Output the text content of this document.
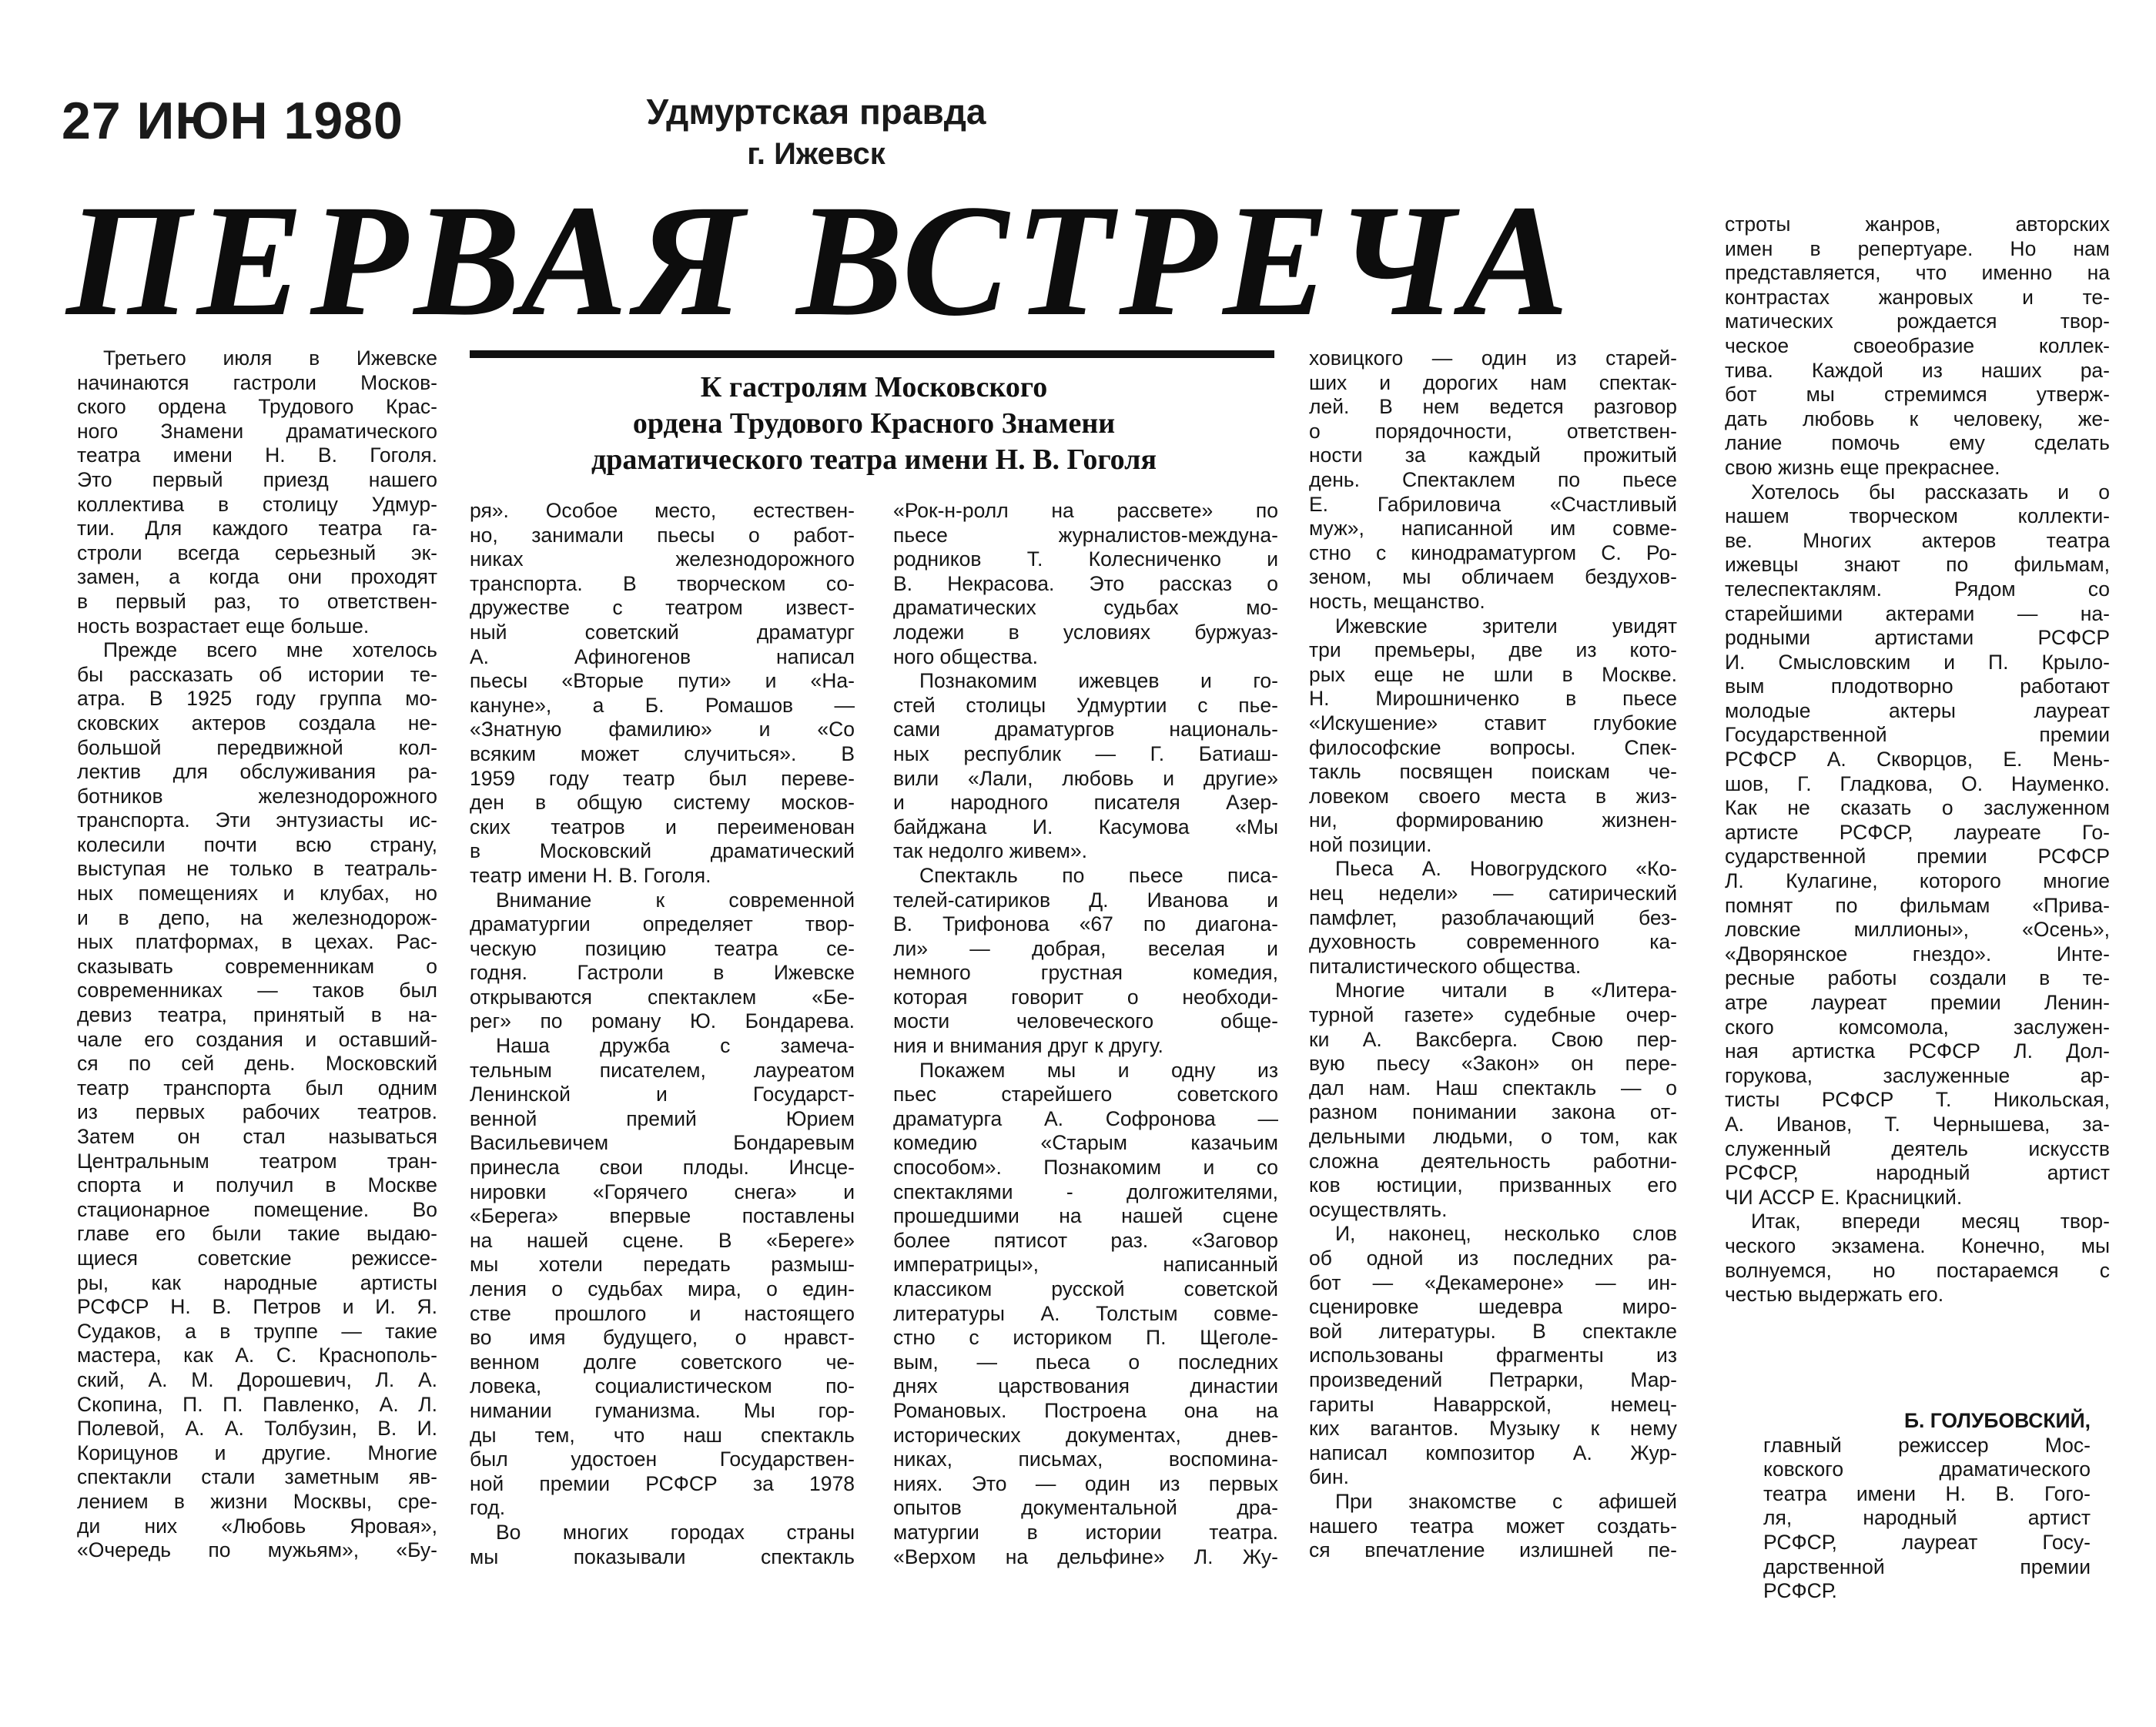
27 ИЮН 1980	Удмуртская правда
г. Ижевск
ПЕРВАЯ ВСТРЕЧА
К гастролям Московского
ордена Трудового Красного Знамени
драматического театра имени Н. В. Гоголя
Третьего июля в Ижевске
начинаются гастроли Москов-
ского ордена Трудового Крас-
ного Знамени драматического
театра имени Н. В. Гоголя.
Это первый приезд нашего
коллектива в столицу Удмур-
тии. Для каждого театра га-
строли всегда серьезный эк-
замен, а когда они проходят
в первый раз, то ответствен-
ность возрастает еще больше.
Прежде всего мне хотелось
бы рассказать об истории те-
атра. В 1925 году группа мо-
сковских актеров создала не-
большой передвижной кол-
лектив для обслуживания ра-
ботников железнодорожного
транспорта. Эти энтузиасты ис-
колесили почти всю страну,
выступая не только в театраль-
ных помещениях и клубах, но
и в депо, на железнодорож-
ных платформах, в цехах. Рас-
сказывать современникам о
современниках — таков был
девиз театра, принятый в на-
чале его создания и оставший-
ся по сей день. Московский
театр транспорта был одним
из первых рабочих театров.
Затем он стал называться
Центральным театром тран-
спорта и получил в Москве
стационарное помещение. Во
главе его были такие выдаю-
щиеся советские режиссе-
ры, как народные артисты
РСФСР Н. В. Петров и И. Я.
Судаков, а в труппе — такие
мастера, как А. С. Краснополь-
ский, А. М. Дорошевич, Л. А.
Скопина, П. П. Павленко, А. Л.
Полевой, А. А. Толбузин, В. И.
Корицунов и другие. Многие
спектакли стали заметным яв-
лением в жизни Москвы, сре-
ди них «Любовь Яровая»,
«Очередь по мужьям», «Бу-
ря». Особое место, естествен-
но, занимали пьесы о работ-
никах железнодорожного
транспорта. В творческом со-
дружестве с театром извест-
ный советский драматург
А. Афиногенов написал
пьесы «Вторые пути» и «На-
кануне», а Б. Ромашов —
«Знатную фамилию» и «Со
всяким может случиться». В
1959 году театр был переве-
ден в общую систему москов-
ских театров и переименован
в Московский драматический
театр имени Н. В. Гоголя.
Внимание к современной
драматургии определяет твор-
ческую позицию театра се-
годня. Гастроли в Ижевске
открываются спектаклем «Бе-
рег» по роману Ю. Бондарева.
Наша дружба с замеча-
тельным писателем, лауреатом
Ленинской и Государст-
венной премий Юрием
Васильевичем Бондаревым
принесла свои плоды. Инсце-
нировки «Горячего снега» и
«Берега» впервые поставлены
на нашей сцене. В «Береге»
мы хотели передать размыш-
ления о судьбах мира, о един-
стве прошлого и настоящего
во имя будущего, о нравст-
венном долге советского че-
ловека, социалистическом по-
нимании гуманизма. Мы гор-
ды тем, что наш спектакль
был удостоен Государствен-
ной премии РСФСР за 1978
год.
Во многих городах страны
мы показывали спектакль
«Рок-н-ролл на рассвете» по
пьесе журналистов-междуна-
родников Т. Колесниченко и
В. Некрасова. Это рассказ о
драматических судьбах мо-
лодежи в условиях буржуаз-
ного общества.
Познакомим ижевцев и го-
стей столицы Удмуртии с пье-
сами драматургов националь-
ных республик — Г. Батиаш-
вили «Лали, любовь и другие»
и народного писателя Азер-
байджана И. Касумова «Мы
так недолго живем».
Спектакль по пьесе писа-
телей-сатириков Д. Иванова и
В. Трифонова «67 по диагона-
ли» — добрая, веселая и
немного грустная комедия,
которая говорит о необходи-
мости человеческого обще-
ния и внимания друг к другу.
Покажем мы и одну из
пьес старейшего советского
драматурга А. Софронова —
комедию «Старым казачьим
способом». Познакомим и со
спектаклями - долгожителями,
прошедшими на нашей сцене
более пятисот раз. «Заговор
императрицы», написанный
классиком русской советской
литературы А. Толстым совме-
стно с историком П. Щеголе-
вым, — пьеса о последних
днях царствования династии
Романовых. Построена она на
исторических документах, днев-
никах, письмах, воспомина-
ниях. Это — один из первых
опытов документальной дра-
матургии в истории театра.
«Верхом на дельфине» Л. Жу-
ховицкого — один из старей-
ших и дорогих нам спектак-
лей. В нем ведется разговор
о порядочности, ответствен-
ности за каждый прожитый
день. Спектаклем по пьесе
Е. Габриловича «Счастливый
муж», написанной им совме-
стно с кинодраматургом С. Ро-
зеном, мы обличаем бездухов-
ность, мещанство.
Ижевские зрители увидят
три премьеры, две из кото-
рых еще не шли в Москве.
Н. Мирошниченко в пьесе
«Искушение» ставит глубокие
философские вопросы. Спек-
такль посвящен поискам че-
ловеком своего места в жиз-
ни, формированию жизнен-
ной позиции.
Пьеса А. Новогрудского «Ко-
нец недели» — сатирический
памфлет, разоблачающий без-
духовность современного ка-
питалистического общества.
Многие читали в «Литера-
турной газете» судебные очер-
ки А. Ваксберга. Свою пер-
вую пьесу «Закон» он пере-
дал нам. Наш спектакль — о
разном понимании закона от-
дельными людьми, о том, как
сложна деятельность работни-
ков юстиции, призванных его
осуществлять.
И, наконец, несколько слов
об одной из последних ра-
бот — «Декамероне» — ин-
сценировке шедевра миро-
вой литературы. В спектакле
использованы фрагменты из
произведений Петрарки, Мар-
гариты Наваррской, немец-
ких вагантов. Музыку к нему
написал композитор А. Жур-
бин.
При знакомстве с афишей
нашего театра может создать-
ся впечатление излишней пе-
строты жанров, авторских
имен в репертуаре. Но нам
представляется, что именно на
контрастах жанровых и те-
матических рождается твор-
ческое своеобразие коллек-
тива. Каждой из наших ра-
бот мы стремимся утверж-
дать любовь к человеку, же-
лание помочь ему сделать
свою жизнь еще прекраснее.
Хотелось бы рассказать и о
нашем творческом коллекти-
ве. Многих актеров театра
ижевцы знают по фильмам,
телеспектаклям. Рядом со
старейшими актерами — на-
родными артистами РСФСР
И. Смысловским и П. Крыло-
вым плодотворно работают
молодые актеры лауреат
Государственной премии
РСФСР А. Скворцов, Е. Мень-
шов, Г. Гладкова, О. Науменко.
Как не сказать о заслуженном
артисте РСФСР, лауреате Го-
сударственной премии РСФСР
Л. Кулагине, которого многие
помнят по фильмам «Прива-
ловские миллионы», «Осень»,
«Дворянское гнездо». Инте-
ресные работы создали в те-
атре лауреат премии Ленин-
ского комсомола, заслужен-
ная артистка РСФСР Л. Дол-
горукова, заслуженные ар-
тисты РСФСР Т. Никольская,
А. Иванов, Т. Чернышева, за-
служенный деятель искусств
РСФСР, народный артист
ЧИ АССР Е. Красницкий.
Итак, впереди месяц твор-
ческого экзамена. Конечно, мы
волнуемся, но постараемся с
честью выдержать его.
Б. ГОЛУБОВСКИЙ,
главный режиссер Мос-
ковского драматического
театра имени Н. В. Гого-
ля, народный артист
РСФСР, лауреат Госу-
дарственной премии
РСФСР.
